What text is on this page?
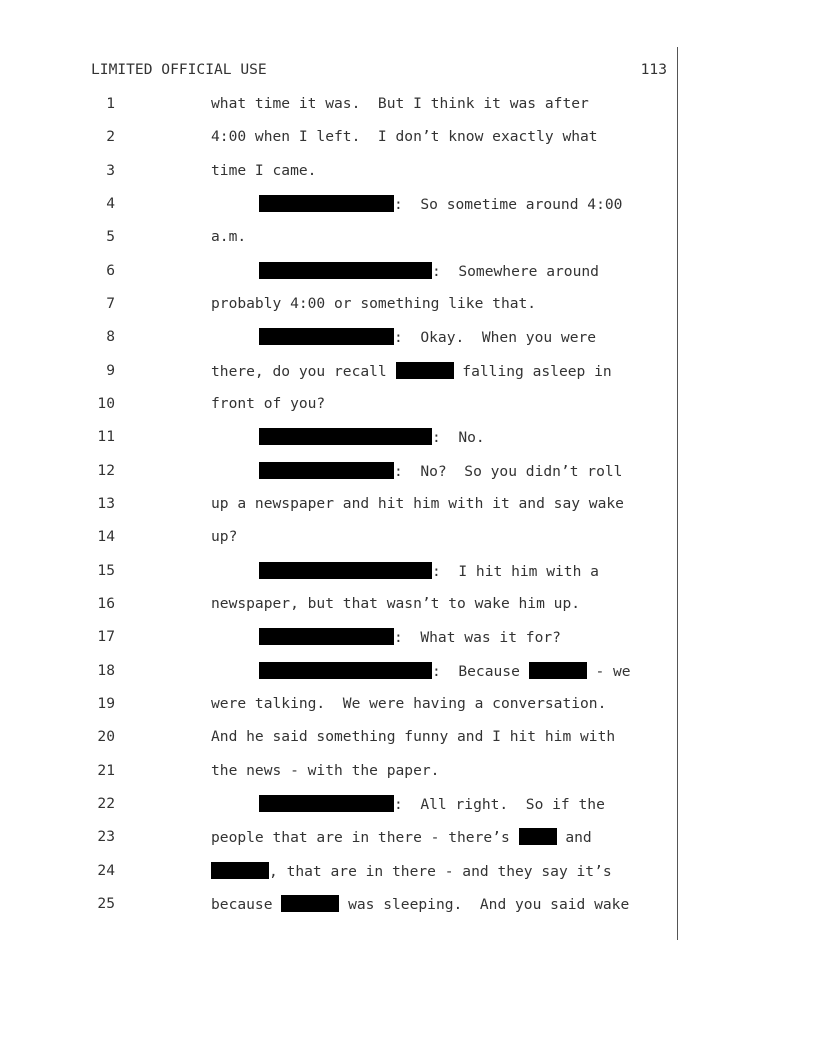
LIMITED OFFICIAL USE	113
1	what time it was.  But I think it was after
2	4:00 when I left.  I don’t know exactly what
3	time I came.
4	:  So sometime around 4:00
5	a.m.
6	:  Somewhere around
7	probably 4:00 or something like that.
8	:  Okay.  When you were
9	there, do you recall	falling asleep in
10	front of you?
11	:  No.
12	:  No?  So you didn’t roll
13	up a newspaper and hit him with it and say wake
14	up?
15	:  I hit him with a
16	newspaper, but that wasn’t to wake him up.
17	:  What was it for?
18	:  Because	- we
19	were talking.  We were having a conversation.
20	And he said something funny and I hit him with
21	the news - with the paper.
22	:  All right.  So if the
23	people that are in there - there’s	and
24	, that are in there - and they say it’s
25	because	was sleeping.  And you said wake
